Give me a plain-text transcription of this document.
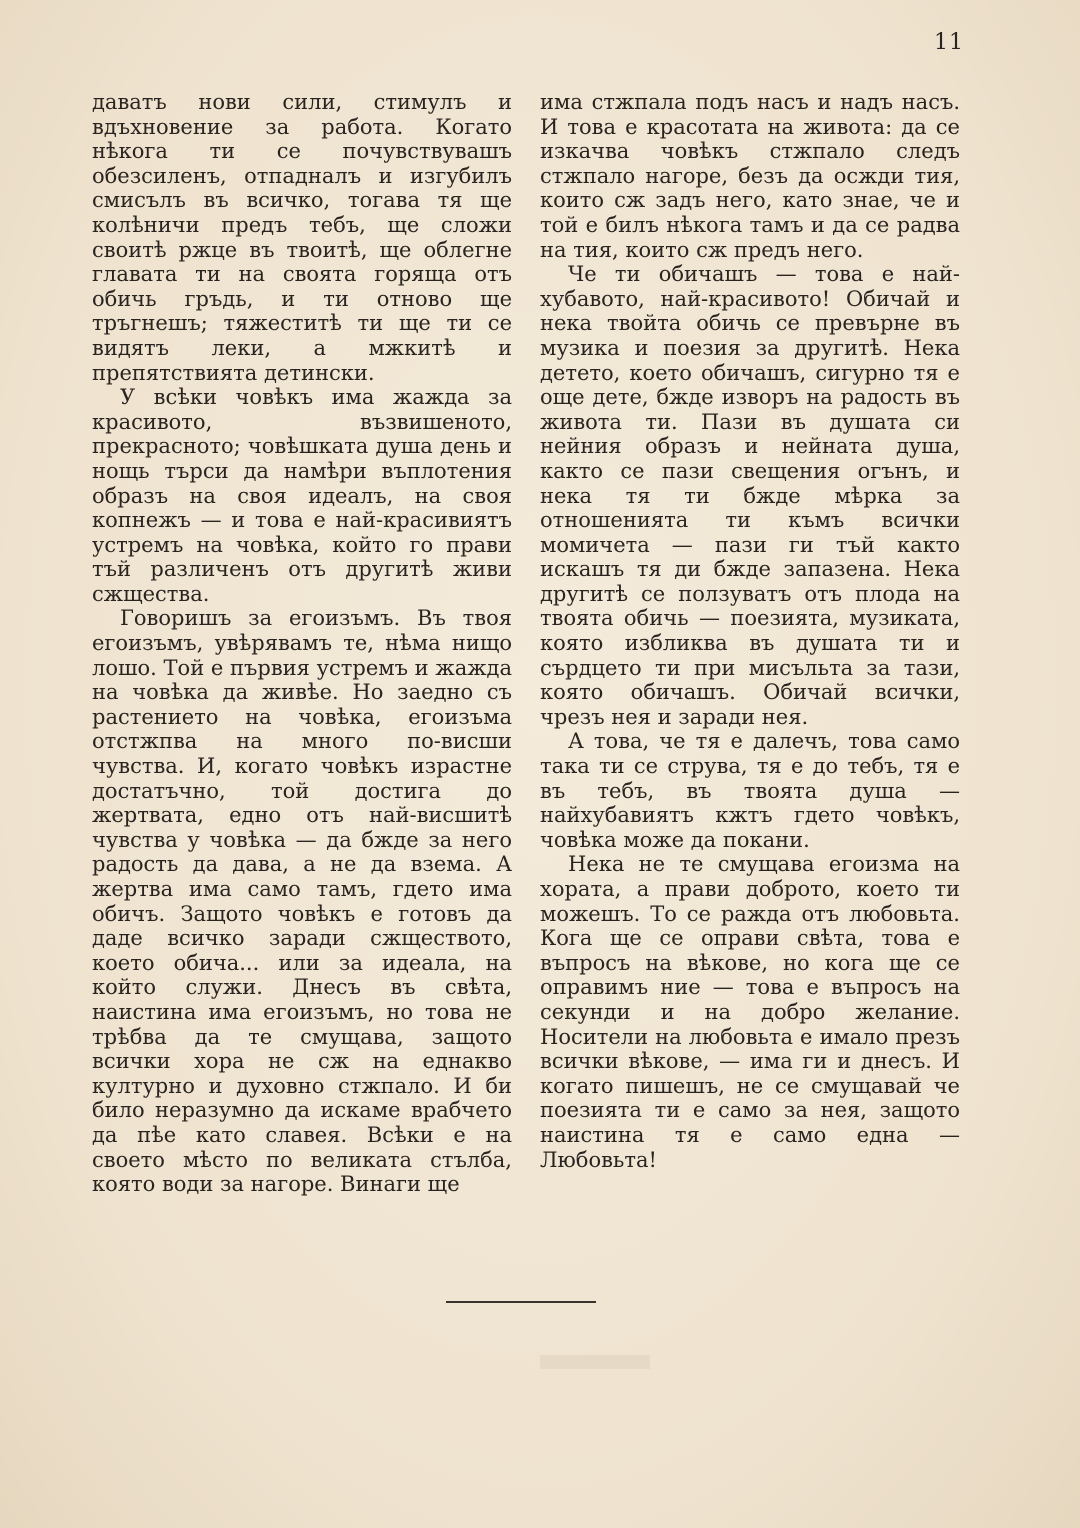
11

даватъ нови сили, стимулъ и вдъхновение за работа. Когато нѣкога ти се почувствувашъ обезсиленъ, отпадналъ и изгубилъ смисълъ въ всичко, тогава тя ще колѣничи предъ тебъ, ще сложи своитѣ ржце въ твоитѣ, ще облегне главата ти на своята горяща отъ обичь гръдь, и ти отново ще тръгнешъ; тяжеститѣ ти ще ти се видятъ леки, а мжкитѣ и препятствията детински.

У всѣки човѣкъ има жажда за красивото, възвишеното, прекрасното; човѣшката душа день и нощь търси да намѣри въплотения образъ на своя идеалъ, на своя копнежъ — и това е най-красивиятъ устремъ на човѣка, който го прави тъй различенъ отъ другитѣ живи сжщества.

Говоришъ за егоизъмъ. Въ твоя егоизъмъ, увѣрявамъ те, нѣма нищо лошо. Той е първия устремъ и жажда на човѣка да живѣе. Но заедно съ растението на човѣка, егоизъма отстжпва на много по-висши чувства. И, когато човѣкъ израстне достатъчно, той достига до жертвата, едно отъ най-висшитѣ чувства у човѣка — да бжде за него радость да дава, а не да взема. А жертва има само тамъ, гдето има обичъ. Защото човѣкъ е готовъ да даде всичко заради сжществото, което обича... или за идеала, на който служи. Днесъ въ свѣта, наистина има егоизъмъ, но това не трѣбва да те смущава, защото всички хора не сж на еднакво културно и духовно стжпало. И би било неразумно да искаме врабчето да пѣе като славея. Всѣки е на своето мѣсто по великата стълба, която води за нагоре. Винаги ще

има стжпала подъ насъ и надъ насъ. И това е красотата на живота: да се изкачва човѣкъ стжпало следъ стжпало нагоре, безъ да осжди тия, които сж задъ него, като знае, че и той е билъ нѣкога тамъ и да се радва на тия, които сж предъ него.

Че ти обичашъ — това е най-хубавото, най-красивото! Обичай и нека твойта обичь се превърне въ музика и поезия за другитѣ. Нека детето, което обичашъ, сигурно тя е още дете, бжде изворъ на радость въ живота ти. Пази въ душата си нейния образъ и нейната душа, както се пази свещения огънъ, и нека тя ти бжде мѣрка за отношенията ти къмъ всички момичета — пази ги тъй както искашъ тя ди бжде запазена. Нека другитѣ се ползуватъ отъ плода на твоята обичь — поезията, музиката, която избликва въ душата ти и сърдцето ти при мисъльта за тази, която обичашъ. Обичай всички, чрезъ нея и заради нея.

А това, че тя е далечъ, това само така ти се струва, тя е до тебъ, тя е въ тебъ, въ твоята душа — найхубавиятъ кжтъ гдето човѣкъ, човѣка може да покани.

Нека не те смущава егоизма на хората, а прави доброто, което ти можешъ. То се ражда отъ любовьта. Кога ще се оправи свѣта, това е въпросъ на вѣкове, но кога ще се оправимъ ние — това е въпросъ на секунди и на добро желание. Носители на любовьта е имало презъ всички вѣкове, — има ги и днесъ. И когато пишешъ, не се смущавай че поезията ти е само за нея, защото наистина тя е само една — Любовьта!
